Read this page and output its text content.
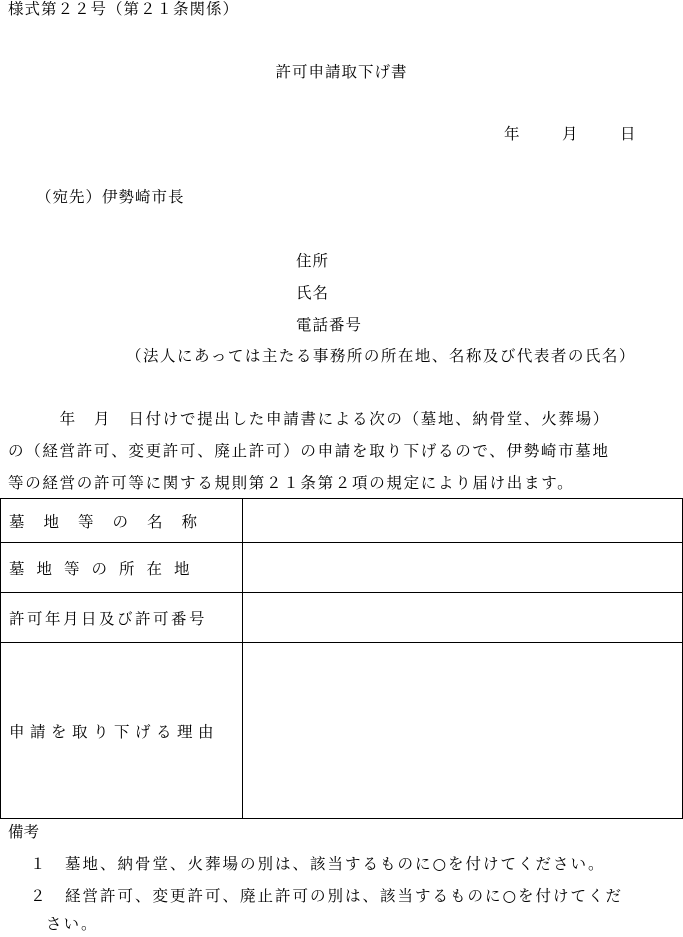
様式第２２号（第２１条関係）
許可申請取下げ書
年	月	日
（宛先）伊勢崎市長
住所
氏名
電話番号
（法人にあっては主たる事務所の所在地、名称及び代表者の氏名）
　　　年　月　日付けで提出した申請書による次の（墓地、納骨堂、火葬場）
の（経営許可、変更許可、廃止許可）の申請を取り下げるので、伊勢崎市墓地
等の経営の許可等に関する規則第２１条第２項の規定により届け出ます。
墓地等の名称	

墓地等の所在地	

許可年月日及び許可番号	

申請を取り下げる理由	

備考
１　墓地、納骨堂、火葬場の別は、該当するものに○を付けてください。
２　経営許可、変更許可、廃止許可の別は、該当するものに○を付けてくだ
さい。
